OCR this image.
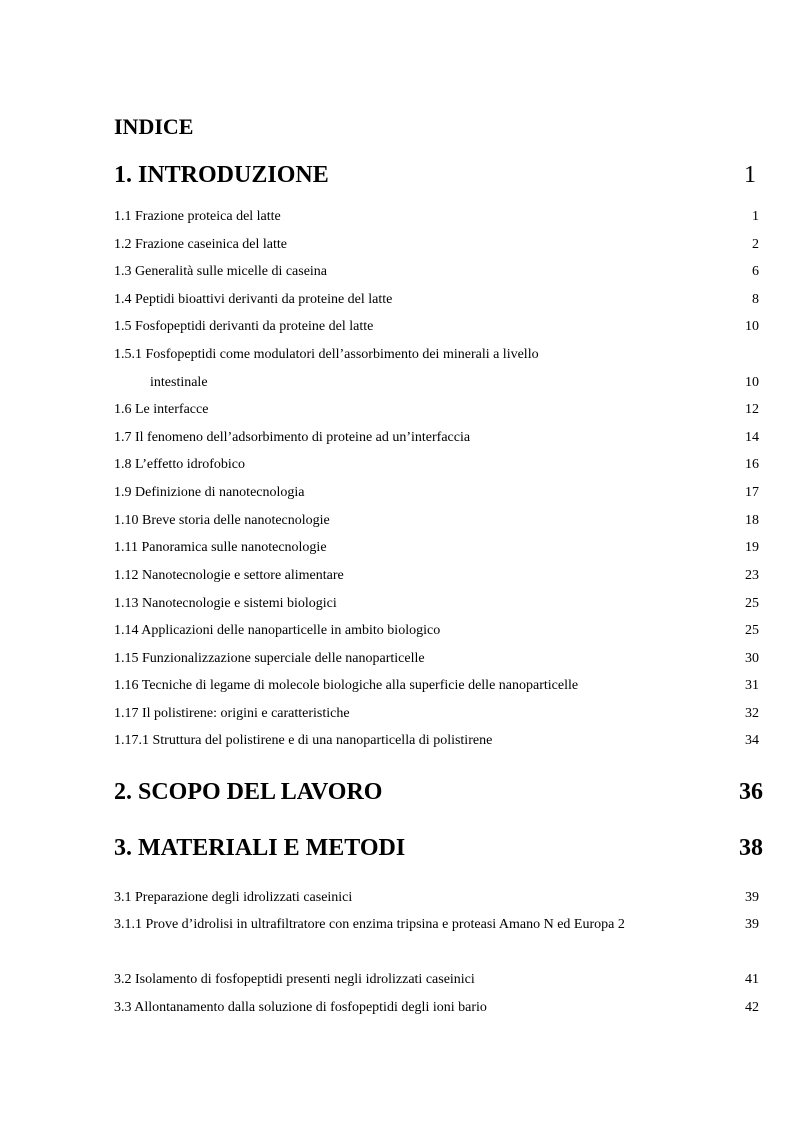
INDICE
1. INTRODUZIONE	1
1.1 Frazione proteica del latte	1
1.2 Frazione caseinica del latte	2
1.3 Generalità sulle micelle di caseina	6
1.4 Peptidi bioattivi derivanti da proteine del latte	8
1.5 Fosfopeptidi derivanti da proteine del latte	10
1.5.1 Fosfopeptidi come modulatori dell’assorbimento dei minerali a livello
intestinale	10
1.6 Le interfacce	12
1.7 Il fenomeno dell’adsorbimento di proteine ad un’interfaccia	14
1.8 L’effetto idrofobico	16
1.9 Definizione di nanotecnologia	17
1.10 Breve storia delle nanotecnologie	18
1.11 Panoramica sulle nanotecnologie	19
1.12 Nanotecnologie e settore alimentare	23
1.13 Nanotecnologie e sistemi biologici	25
1.14 Applicazioni delle nanoparticelle in ambito biologico	25
1.15 Funzionalizzazione superciale delle nanoparticelle	30
1.16 Tecniche di legame di molecole biologiche alla superficie delle nanoparticelle	31
1.17 Il polistirene: origini e caratteristiche	32
1.17.1 Struttura del polistirene e di una nanoparticella di polistirene	34
2. SCOPO DEL LAVORO	36
3. MATERIALI E METODI	38
3.1 Preparazione degli idrolizzati caseinici	39
3.1.1 Prove d’idrolisi in ultrafiltratore con enzima tripsina e proteasi Amano N ed Europa 2	39
3.2 Isolamento di fosfopeptidi presenti negli idrolizzati caseinici	41
3.3 Allontanamento dalla soluzione di fosfopeptidi degli ioni bario	42
